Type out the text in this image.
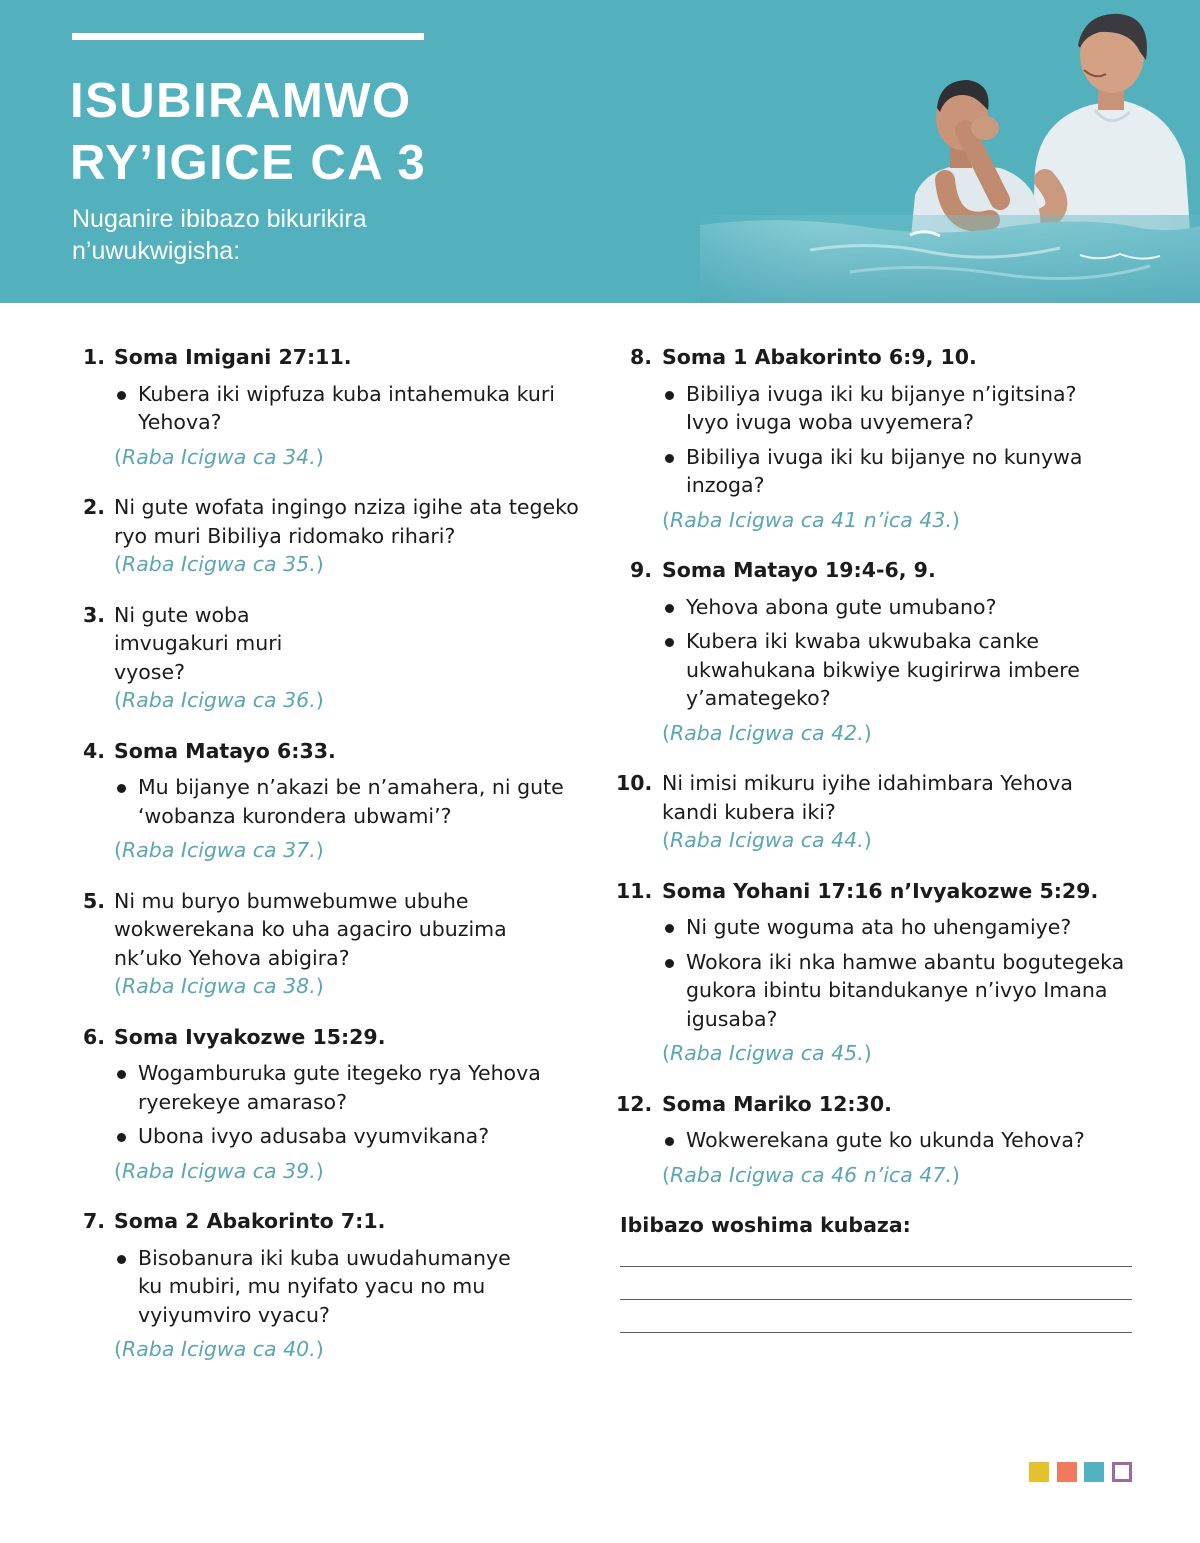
ISUBIRAMWO
RY’IGICE CA 3
Nuganire ibibazo bikurikira n’uwukwigisha:
1. Soma Imigani 27:11.
Kubera iki wipfuza kuba intahemuka kuri Yehova?
(Raba Icigwa ca 34.)
2. Ni gute wofata ingingo nziza igihe ata tegeko ryo muri Bibiliya ridomako rihari?
(Raba Icigwa ca 35.)
3. Ni gute woba imvugakuri muri vyose?
(Raba Icigwa ca 36.)
4. Soma Matayo 6:33.
Mu bijanye n’akazi be n’amahera, ni gute ‘wobanza kurondera ubwami’?
(Raba Icigwa ca 37.)
5. Ni mu buryo bumwebumwe ubuhe wokwerekana ko uha agaciro ubuzima nk’uko Yehova abigira?
(Raba Icigwa ca 38.)
6. Soma Ivyakozwe 15:29.
Wogamburuka gute itegeko rya Yehova ryerekeye amaraso?
Ubona ivyo adusaba vyumvikana?
(Raba Icigwa ca 39.)
7. Soma 2 Abakorinto 7:1.
Bisobanura iki kuba uwudahumanye ku mubiri, mu nyifato yacu no mu vyiyumviro vyacu?
(Raba Icigwa ca 40.)
8. Soma 1 Abakorinto 6:9, 10.
Bibiliya ivuga iki ku bijanye n’igitsina? Ivyo ivuga woba uvyemera?
Bibiliya ivuga iki ku bijanye no kunywa inzoga?
(Raba Icigwa ca 41 n’ica 43.)
9. Soma Matayo 19:4-6, 9.
Yehova abona gute umubano?
Kubera iki kwaba ukwubaka canke ukwahukana bikwiye kugirirwa imbere y’amategeko?
(Raba Icigwa ca 42.)
10. Ni imisi mikuru iyihe idahimbara Yehova kandi kubera iki?
(Raba Icigwa ca 44.)
11. Soma Yohani 17:16 n’Ivyakozwe 5:29.
Ni gute woguma ata ho uhengamiye?
Wokora iki nka hamwe abantu bogutegeka gukora ibintu bitandukanye n’ivyo Imana igusaba?
(Raba Icigwa ca 45.)
12. Soma Mariko 12:30.
Wokwerekana gute ko ukunda Yehova?
(Raba Icigwa ca 46 n’ica 47.)
Ibibazo woshima kubaza:
